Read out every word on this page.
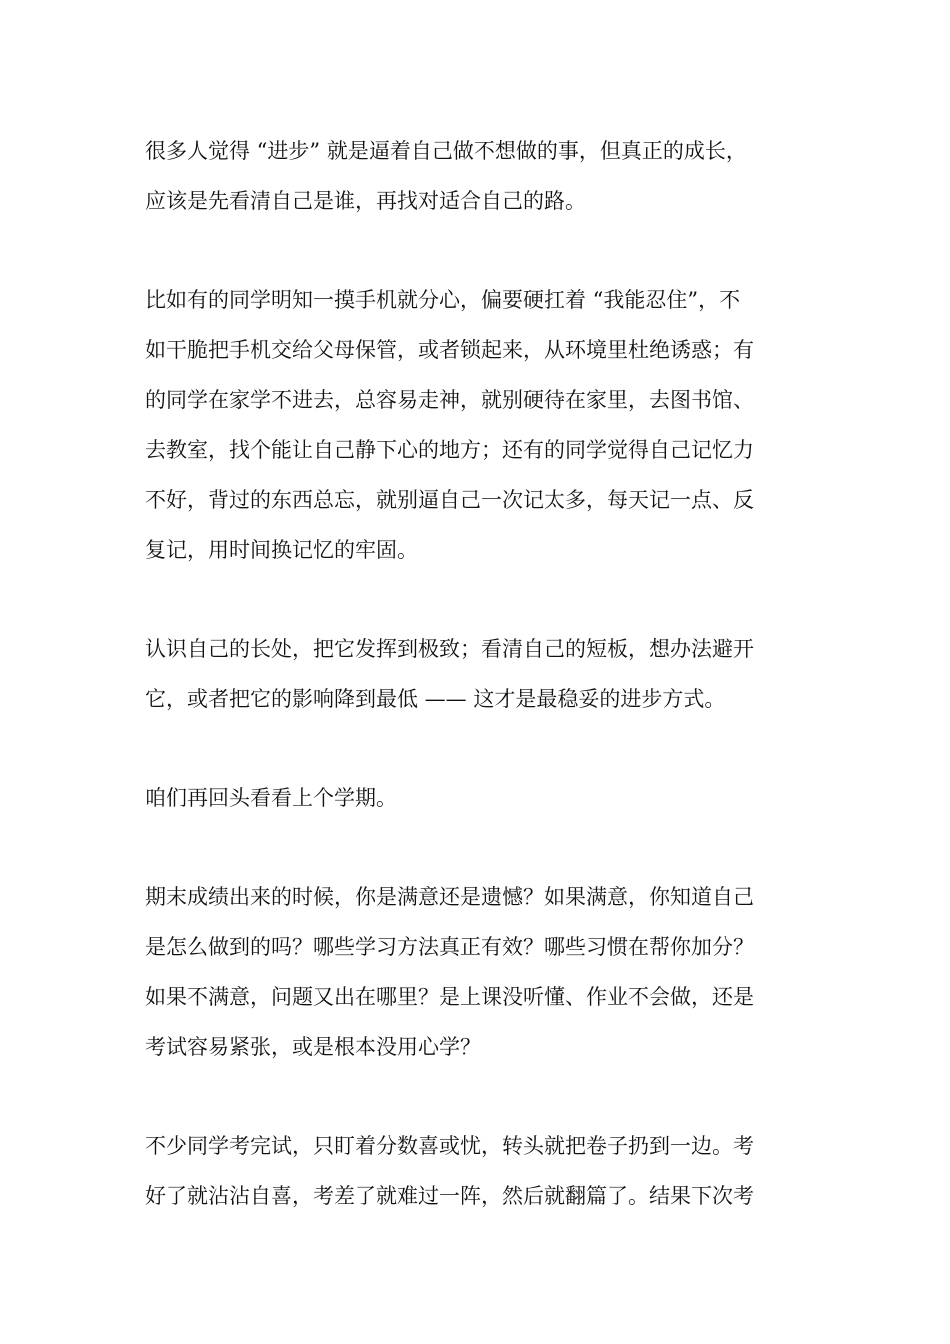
很多人觉得 “进步” 就是逼着自己做不想做的事，但真正的成长，
应该是先看清自己是谁，再找对适合自己的路。

比如有的同学明知一摸手机就分心，偏要硬扛着 “我能忍住”，不
如干脆把手机交给父母保管，或者锁起来，从环境里杜绝诱惑；有
的同学在家学不进去，总容易走神，就别硬待在家里，去图书馆、
去教室，找个能让自己静下心的地方；还有的同学觉得自己记忆力
不好，背过的东西总忘，就别逼自己一次记太多，每天记一点、反
复记，用时间换记忆的牢固。

认识自己的长处，把它发挥到极致；看清自己的短板，想办法避开
它，或者把它的影响降到最低 —— 这才是最稳妥的进步方式。

咱们再回头看看上个学期。

期末成绩出来的时候，你是满意还是遗憾？如果满意，你知道自己
是怎么做到的吗？哪些学习方法真正有效？哪些习惯在帮你加分？
如果不满意，问题又出在哪里？是上课没听懂、作业不会做，还是
考试容易紧张，或是根本没用心学？

不少同学考完试，只盯着分数喜或忧，转头就把卷子扔到一边。考
好了就沾沾自喜，考差了就难过一阵，然后就翻篇了。结果下次考
